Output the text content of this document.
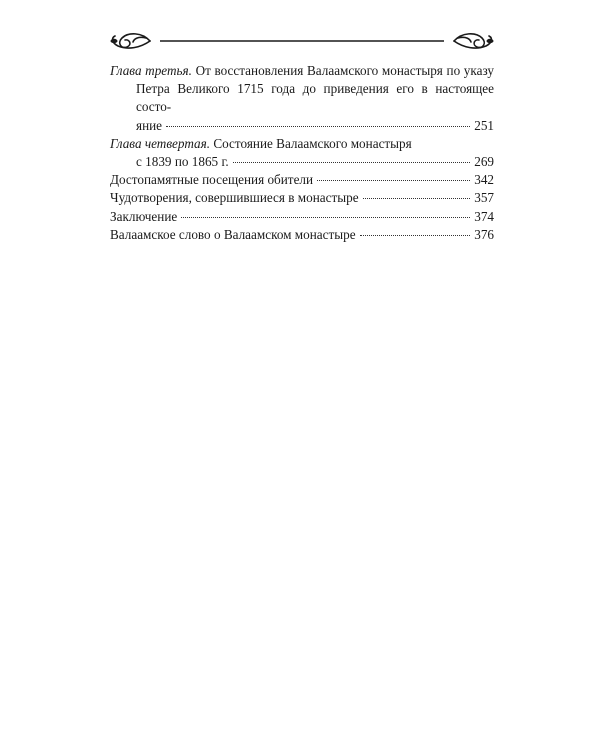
Глава третья. От восстановления Валаамского монастыря по указу
Петра Великого 1715 года до приведения его в настоящее состо-
яние	251
Глава четвертая. Состояние Валаамского монастыря
с 1839 по 1865 г.	269
Достопамятные посещения обители	342
Чудотворения, совершившиеся в монастыре	357
Заключение	374
Валаамское слово о Валаамском монастыре	376
